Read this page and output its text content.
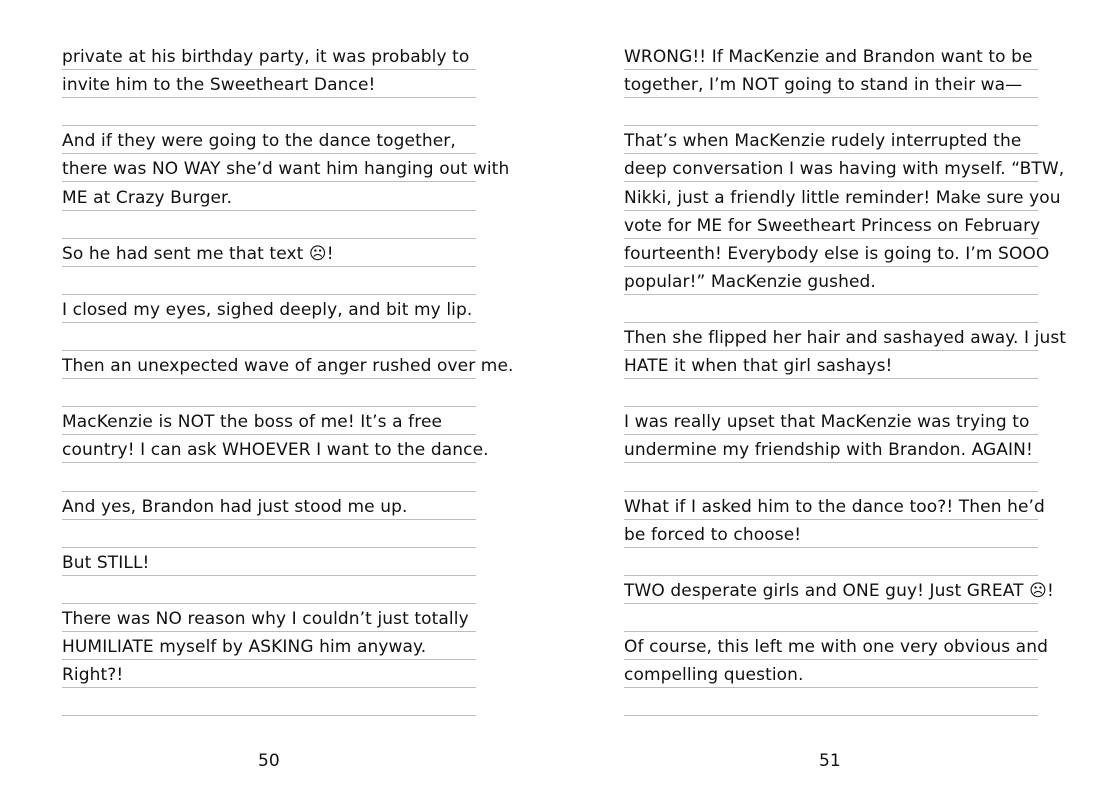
private at his birthday party, it was probably to
invite him to the Sweetheart Dance!
And if they were going to the dance together,
there was NO WAY she’d want him hanging out with
ME at Crazy Burger.
So he had sent me that text ☹!
I closed my eyes, sighed deeply, and bit my lip.
Then an unexpected wave of anger rushed over me.
MacKenzie is NOT the boss of me! It’s a free
country! I can ask WHOEVER I want to the dance.
And yes, Brandon had just stood me up.
But STILL!
There was NO reason why I couldn’t just totally
HUMILIATE myself by ASKING him anyway.
Right?!
50
WRONG!! If MacKenzie and Brandon want to be
together, I’m NOT going to stand in their wa—
That’s when MacKenzie rudely interrupted the
deep conversation I was having with myself. “BTW,
Nikki, just a friendly little reminder! Make sure you
vote for ME for Sweetheart Princess on February
fourteenth! Everybody else is going to. I’m SOOO
popular!” MacKenzie gushed.
Then she flipped her hair and sashayed away. I just
HATE it when that girl sashays!
I was really upset that MacKenzie was trying to
undermine my friendship with Brandon. AGAIN!
What if I asked him to the dance too?! Then he’d
be forced to choose!
TWO desperate girls and ONE guy! Just GREAT ☹!
Of course, this left me with one very obvious and
compelling question.
51
